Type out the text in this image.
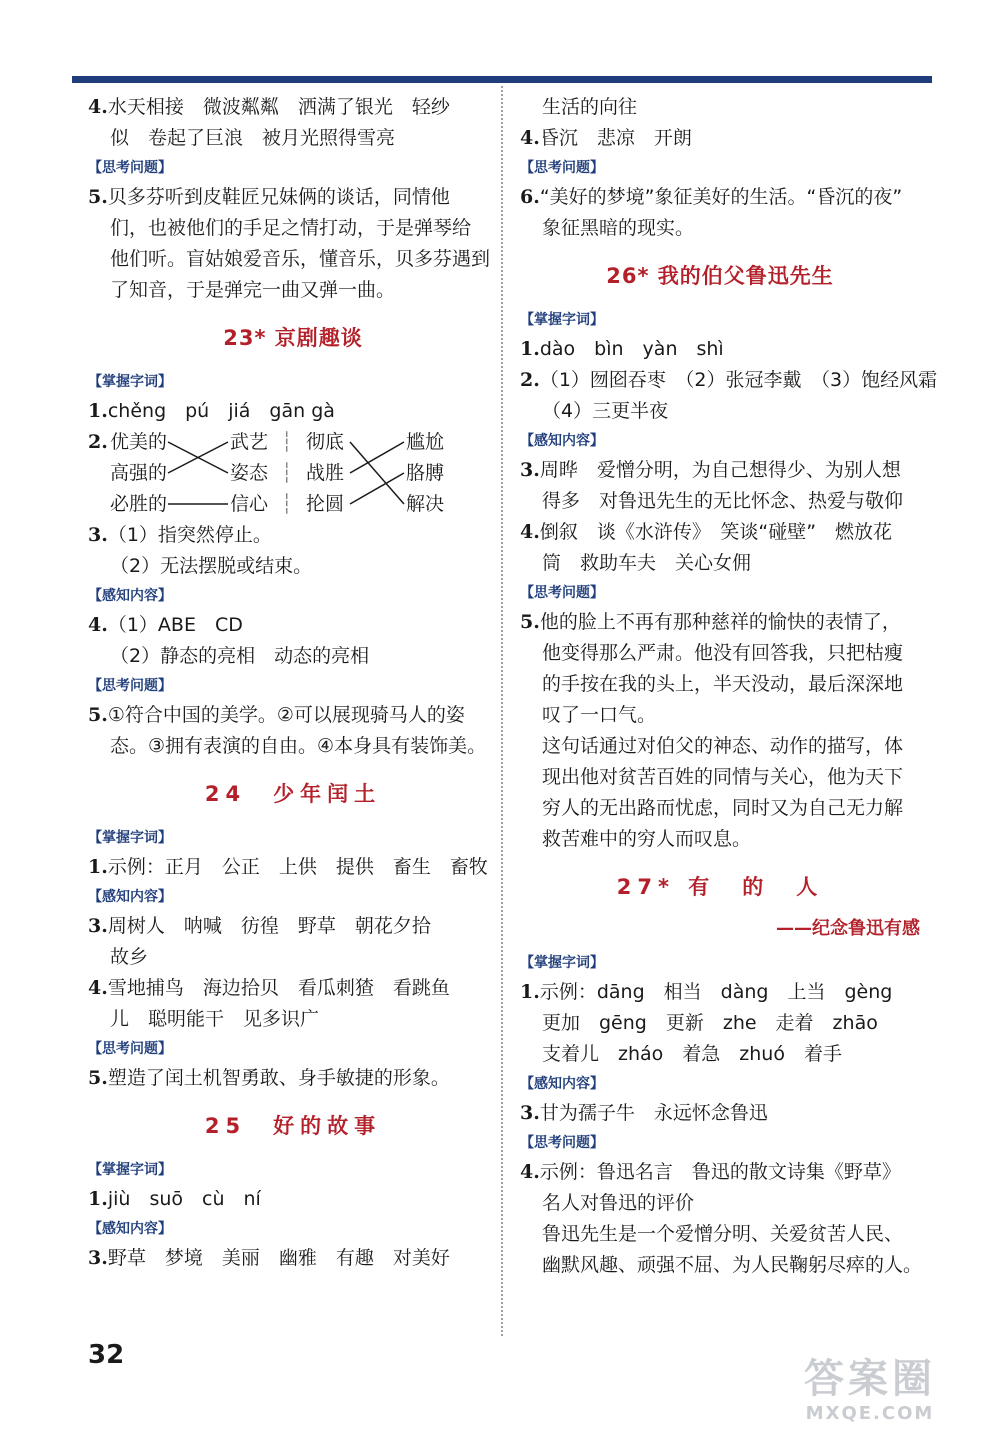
4.水天相接　微波粼粼　洒满了银光　轻纱
似　卷起了巨浪　被月光照得雪亮
【思考问题】
5.贝多芬听到皮鞋匠兄妹俩的谈话，同情他
们，也被他们的手足之情打动，于是弹琴给
他们听。盲姑娘爱音乐，懂音乐，贝多芬遇到
了知音，于是弹完一曲又弹一曲。
23* 京剧趣谈
【掌握字词】
1.chěng　pú　jiá　gān gà
2. 优美的
高强的
必胜的
武艺
姿态
信心
┆
┆
┆
彻底
战胜
抡圆
尴尬
胳膊
解决
3.（1）指突然停止。
（2）无法摆脱或结束。
【感知内容】
4.（1）ABE　CD
（2）静态的亮相　动态的亮相
【思考问题】
5.①符合中国的美学。②可以展现骑马人的姿
态。③拥有表演的自由。④本身具有装饰美。
24　少年闰土
【掌握字词】
1.示例：正月　公正　上供　提供　畜生　畜牧
【感知内容】
3.周树人　呐喊　彷徨　野草　朝花夕拾
故乡
4.雪地捕鸟　海边拾贝　看瓜刺猹　看跳鱼
儿　聪明能干　见多识广
【思考问题】
5.塑造了闰土机智勇敢、身手敏捷的形象。
25　好的故事
【掌握字词】
1.jiù　suō　cù　ní
【感知内容】
3.野草　梦境　美丽　幽雅　有趣　对美好
生活的向往
4.昏沉　悲凉　开朗
【思考问题】
6.“美好的梦境”象征美好的生活。“昏沉的夜”
象征黑暗的现实。
26* 我的伯父鲁迅先生
【掌握字词】
1.dào　bìn　yàn　shì
2.（1）囫囵吞枣　（2）张冠李戴　（3）饱经风霜
（4）三更半夜
【感知内容】
3.周晔　爱憎分明，为自己想得少、为别人想
得多　对鲁迅先生的无比怀念、热爱与敬仰
4.倒叙　谈《水浒传》　笑谈“碰壁”　燃放花
筒　救助车夫　关心女佣
【思考问题】
5.他的脸上不再有那种慈祥的愉快的表情了，
他变得那么严肃。他没有回答我，只把枯瘦
的手按在我的头上，半天没动，最后深深地
叹了一口气。
这句话通过对伯父的神态、动作的描写，体
现出他对贫苦百姓的同情与关心，他为天下
穷人的无出路而忧虑，同时又为自己无力解
救苦难中的穷人而叹息。
27* 有　的　人
——纪念鲁迅有感
【掌握字词】
1.示例：dāng　相当　dàng　上当　gèng
更加　gēng　更新　zhe　走着　zhāo
支着儿　zháo　着急　zhuó　着手
【感知内容】
3.甘为孺子牛　永远怀念鲁迅
【思考问题】
4.示例：鲁迅名言　鲁迅的散文诗集《野草》
名人对鲁迅的评价
鲁迅先生是一个爱憎分明、关爱贫苦人民、
幽默风趣、顽强不屈、为人民鞠躬尽瘁的人。
32
答案圈
MXQE.COM
